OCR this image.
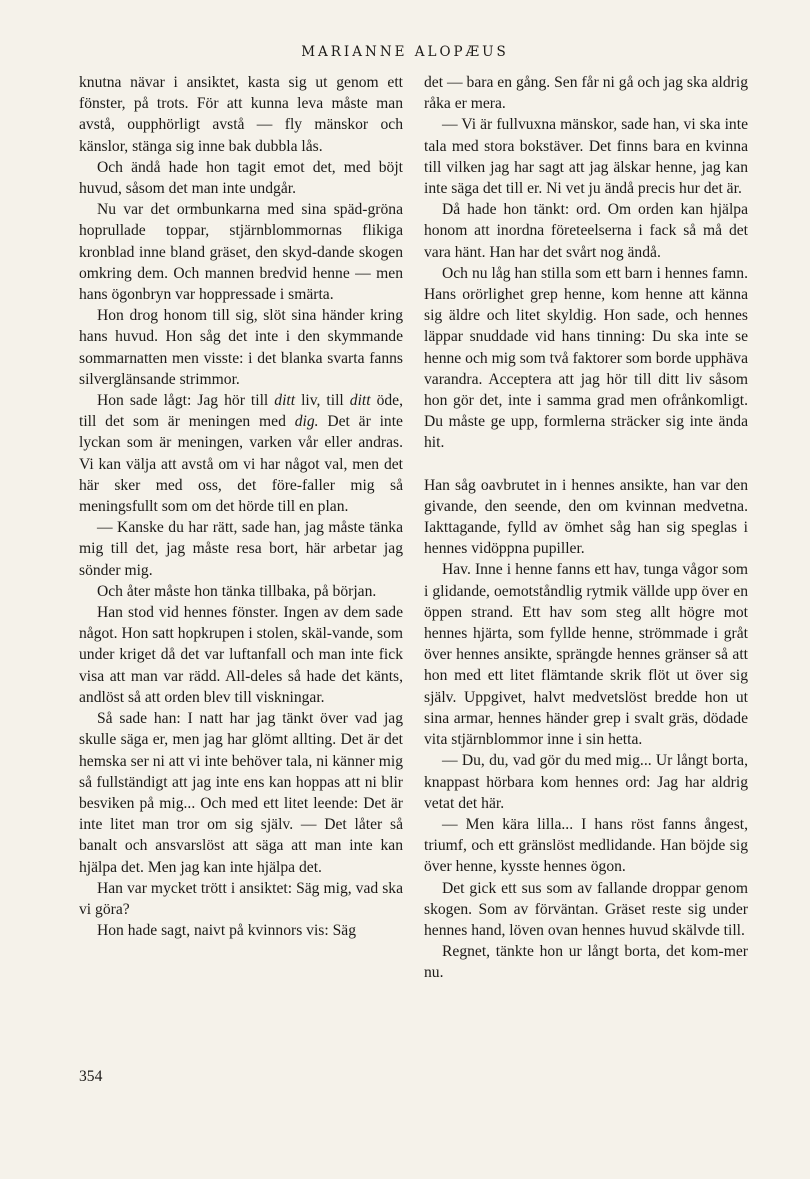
MARIANNE ALOPÆUS

knutna nävar i ansiktet, kasta sig ut genom ett fönster, på trots. För att kunna leva måste man avstå, oupphörligt avstå — fly mänskor och känslor, stänga sig inne bak dubbla lås.

Och ändå hade hon tagit emot det, med böjt huvud, såsom det man inte undgår.

Nu var det ormbunkarna med sina späd-gröna hoprullade toppar, stjärnblommornas flikiga kronblad inne bland gräset, den skyd-dande skogen omkring dem. Och mannen bredvid henne — men hans ögonbryn var hoppressade i smärta.

Hon drog honom till sig, slöt sina händer kring hans huvud. Hon såg det inte i den skymmande sommarnatten men visste: i det blanka svarta fanns silverglänsande strimmor.

Hon sade lågt: Jag hör till ditt liv, till ditt öde, till det som är meningen med dig. Det är inte lyckan som är meningen, varken vår eller andras. Vi kan välja att avstå om vi har något val, men det här sker med oss, det före-faller mig så meningsfullt som om det hörde till en plan.

— Kanske du har rätt, sade han, jag måste tänka mig till det, jag måste resa bort, här arbetar jag sönder mig.

Och åter måste hon tänka tillbaka, på början.

Han stod vid hennes fönster. Ingen av dem sade något. Hon satt hopkrupen i stolen, skäl-vande, som under kriget då det var luftanfall och man inte fick visa att man var rädd. All-deles så hade det känts, andlöst så att orden blev till viskningar.

Så sade han: I natt har jag tänkt över vad jag skulle säga er, men jag har glömt allting. Det är det hemska ser ni att vi inte behöver tala, ni känner mig så fullständigt att jag inte ens kan hoppas att ni blir besviken på mig... Och med ett litet leende: Det är inte litet man tror om sig själv. — Det låter så banalt och ansvarslöst att säga att man inte kan hjälpa det. Men jag kan inte hjälpa det.

Han var mycket trött i ansiktet: Säg mig, vad ska vi göra?

Hon hade sagt, naivt på kvinnors vis: Säg

det — bara en gång. Sen får ni gå och jag ska aldrig råka er mera.

— Vi är fullvuxna mänskor, sade han, vi ska inte tala med stora bokstäver. Det finns bara en kvinna till vilken jag har sagt att jag älskar henne, jag kan inte säga det till er. Ni vet ju ändå precis hur det är.

Då hade hon tänkt: ord. Om orden kan hjälpa honom att inordna företeelserna i fack så må det vara hänt. Han har det svårt nog ändå.

Och nu låg han stilla som ett barn i hennes famn. Hans orörlighet grep henne, kom henne att känna sig äldre och litet skyldig. Hon sade, och hennes läppar snuddade vid hans tinning: Du ska inte se henne och mig som två faktorer som borde upphäva varandra. Acceptera att jag hör till ditt liv såsom hon gör det, inte i samma grad men ofrånkomligt. Du måste ge upp, formlerna sträcker sig inte ända hit.

Han såg oavbrutet in i hennes ansikte, han var den givande, den seende, den om kvinnan medvetna. Iakttagande, fylld av ömhet såg han sig speglas i hennes vidöppna pupiller.

Hav. Inne i henne fanns ett hav, tunga vågor som i glidande, oemotståndlig rytmik vällde upp över en öppen strand. Ett hav som steg allt högre mot hennes hjärta, som fyllde henne, strömmade i gråt över hennes ansikte, sprängde hennes gränser så att hon med ett litet flämtande skrik flöt ut över sig själv. Uppgivet, halvt medvetslöst bredde hon ut sina armar, hennes händer grep i svalt gräs, dödade vita stjärnblommor inne i sin hetta.

— Du, du, vad gör du med mig... Ur långt borta, knappast hörbara kom hennes ord: Jag har aldrig vetat det här.

— Men kära lilla... I hans röst fanns ångest, triumf, och ett gränslöst medlidande. Han böjde sig över henne, kysste hennes ögon.

Det gick ett sus som av fallande droppar genom skogen. Som av förväntan. Gräset reste sig under hennes hand, löven ovan hennes huvud skälvde till.

Regnet, tänkte hon ur långt borta, det kom-mer nu.

354
